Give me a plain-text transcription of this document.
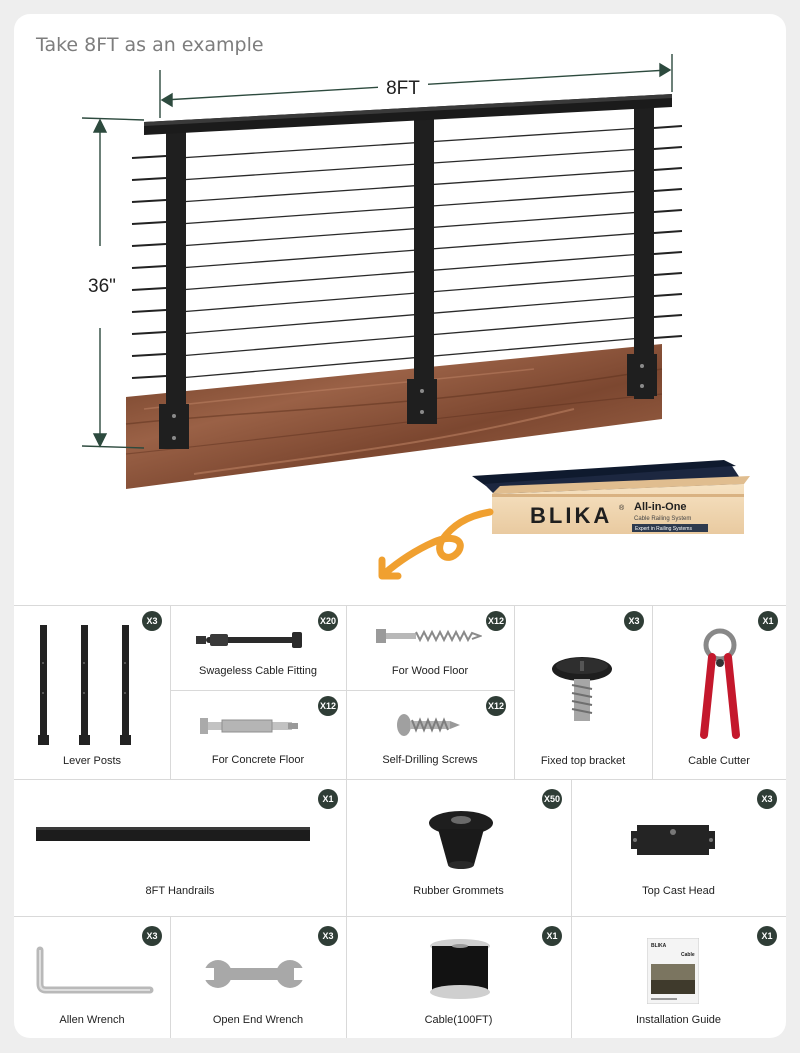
Take 8FT as an example
8FT
36"
BLIKA ® All-in-One
Cable Railing System
Expert in Railing Systems
X3
Lever Posts
X20
Swageless Cable Fitting
X12
For Wood Floor
X3
Fixed top bracket
X1
Cable Cutter
X12
For Concrete Floor
X12
Self-Drilling Screws
X1
8FT Handrails
X50
Rubber Grommets
X3
Top Cast Head
X3
Allen Wrench
X3
Open End Wrench
X1
Cable(100FT)
BLIKA
Cable
X1
Installation Guide
